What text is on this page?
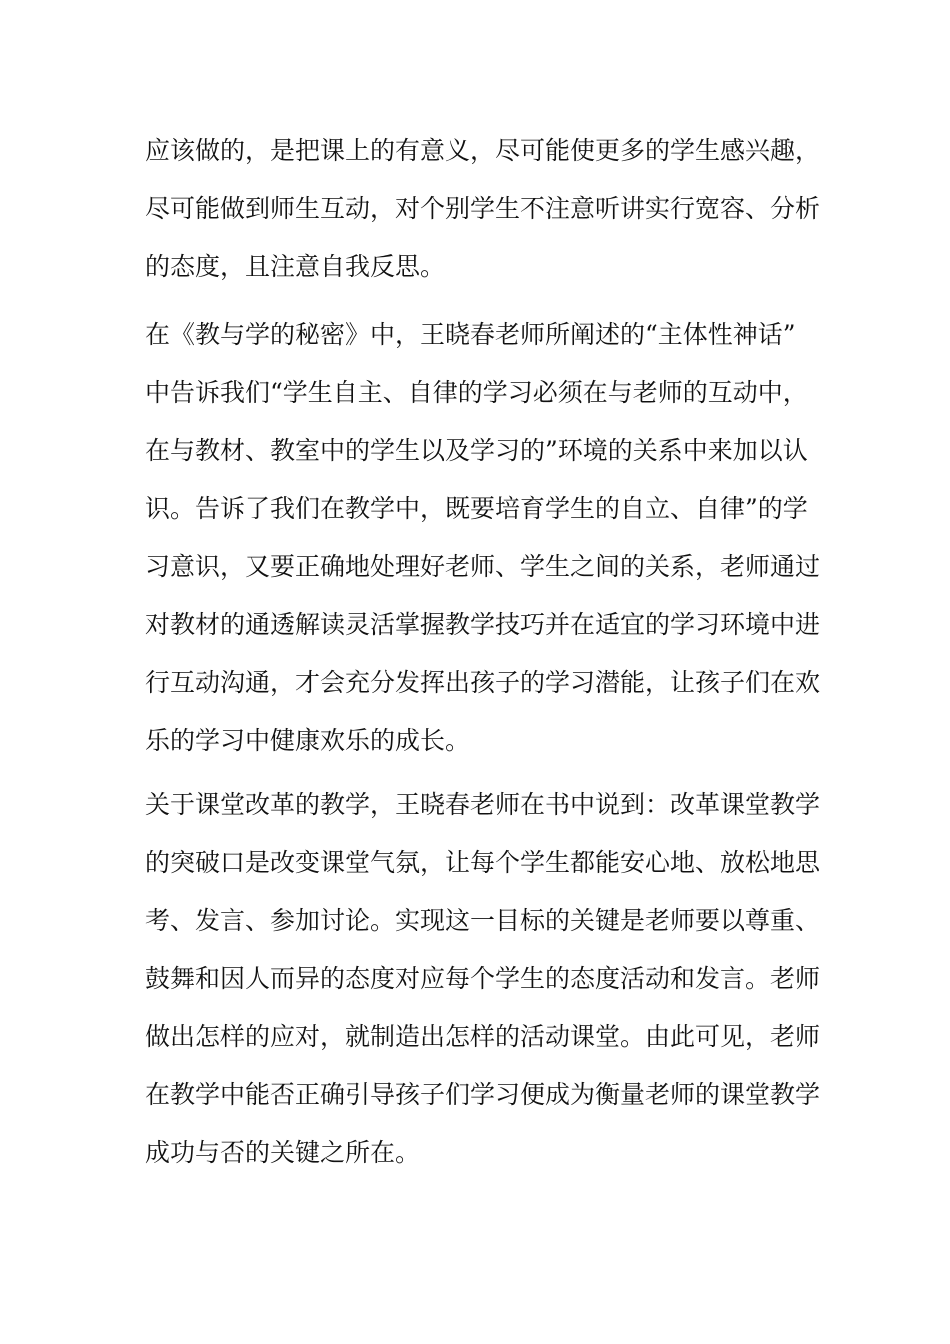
应该做的，是把课上的有意义，尽可能使更多的学生感兴趣，
尽可能做到师生互动，对个别学生不注意听讲实行宽容、分析
的态度，且注意自我反思。
在《教与学的秘密》中，王晓春老师所阐述的“主体性神话”
中告诉我们“学生自主、自律的学习必须在与老师的互动中，
在与教材、教室中的学生以及学习的”环境的关系中来加以认
识。告诉了我们在教学中，既要培育学生的自立、自律”的学
习意识，又要正确地处理好老师、学生之间的关系，老师通过
对教材的通透解读灵活掌握教学技巧并在适宜的学习环境中进
行互动沟通，才会充分发挥出孩子的学习潜能，让孩子们在欢
乐的学习中健康欢乐的成长。
关于课堂改革的教学，王晓春老师在书中说到：改革课堂教学
的突破口是改变课堂气氛，让每个学生都能安心地、放松地思
考、发言、参加讨论。实现这一目标的关键是老师要以尊重、
鼓舞和因人而异的态度对应每个学生的态度活动和发言。老师
做出怎样的应对，就制造出怎样的活动课堂。由此可见，老师
在教学中能否正确引导孩子们学习便成为衡量老师的课堂教学
成功与否的关键之所在。
